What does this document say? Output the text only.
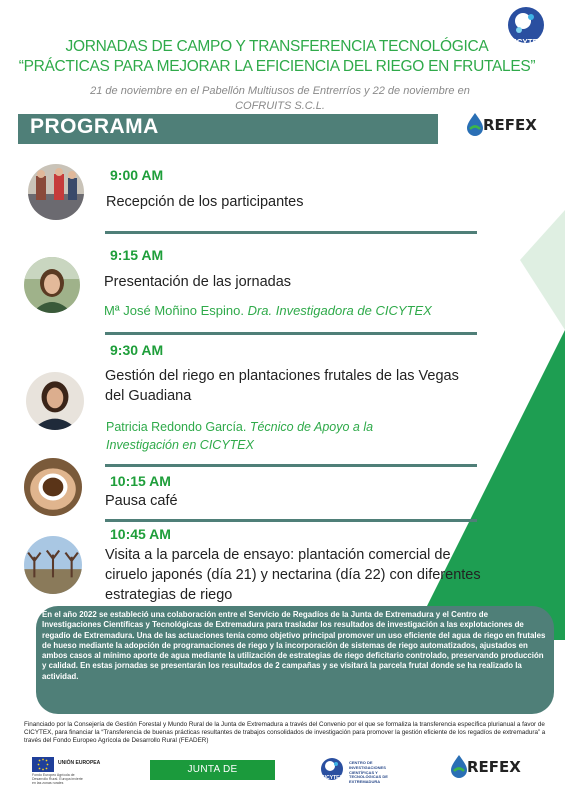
CICYTEX
JORNADAS DE CAMPO Y TRANSFERENCIA TECNOLÓGICA
“PRÁCTICAS PARA MEJORAR LA EFICIENCIA DEL RIEGO EN FRUTALES”
21 de noviembre en el Pabellón Multiusos de Entrerríos y 22 de noviembre en
COFRUITS S.C.L.
PROGRAMA	REFEX
9:00 AM
Recepción de los participantes
9:15 AM
Presentación de las jornadas
Mª José Moñino Espino. Dra. Investigadora de CICYTEX
9:30 AM
Gestión del riego en plantaciones frutales de las Vegas
del Guadiana
Patricia Redondo García. Técnico de Apoyo a la
Investigación en CICYTEX
10:15 AM
Pausa café
10:45 AM
Visita a la parcela de ensayo: plantación comercial de
ciruelo japonés (día 21) y nectarina (día 22) con diferentes
estrategias de riego
En el año 2022 se estableció una colaboración entre el Servicio de Regadíos de la Junta de Extremadura y el Centro de Investigaciones Científicas y Tecnológicas de Extremadura para trasladar los resultados de investigación a las explotaciones de regadío de Extremadura. Una de las actuaciones tenía como objetivo principal promover un uso eficiente del agua de riego en frutales de hueso mediante la adopción de programaciones de riego y la incorporación de sistemas de riego automatizados, ajustados en ambos casos al mínimo aporte de agua mediante la utilización de estrategias de riego deficitario controlado, preservando producción y calidad. En estas jornadas se presentarán los resultados de 2 campañas y se visitará la parcela frutal donde se ha realizado la actividad.
Financiado por la Consejería de Gestión Forestal y Mundo Rural de la Junta de Extremadura a través del Convenio por el que se formaliza la transferencia específica plurianual a favor de CICYTEX, para financiar la “Transferencia de buenas prácticas resultantes de trabajos consolidados de investigación para promover la gestión eficiente de los regadíos de extremadura” a través del Fondo Europeo Agrícola de Desarrollo Rural (FEADER)
UNIÓN EUROPEA
Fondo Europeo Agrícola de Desarrollo Rural. Europa invierte en las zonas rurales
JUNTA DE EXTREMADURA
CICYTEX
CENTRO DE INVESTIGACIONES CIENTÍFICAS Y TECNOLÓGICAS DE EXTREMADURA
REFEX
